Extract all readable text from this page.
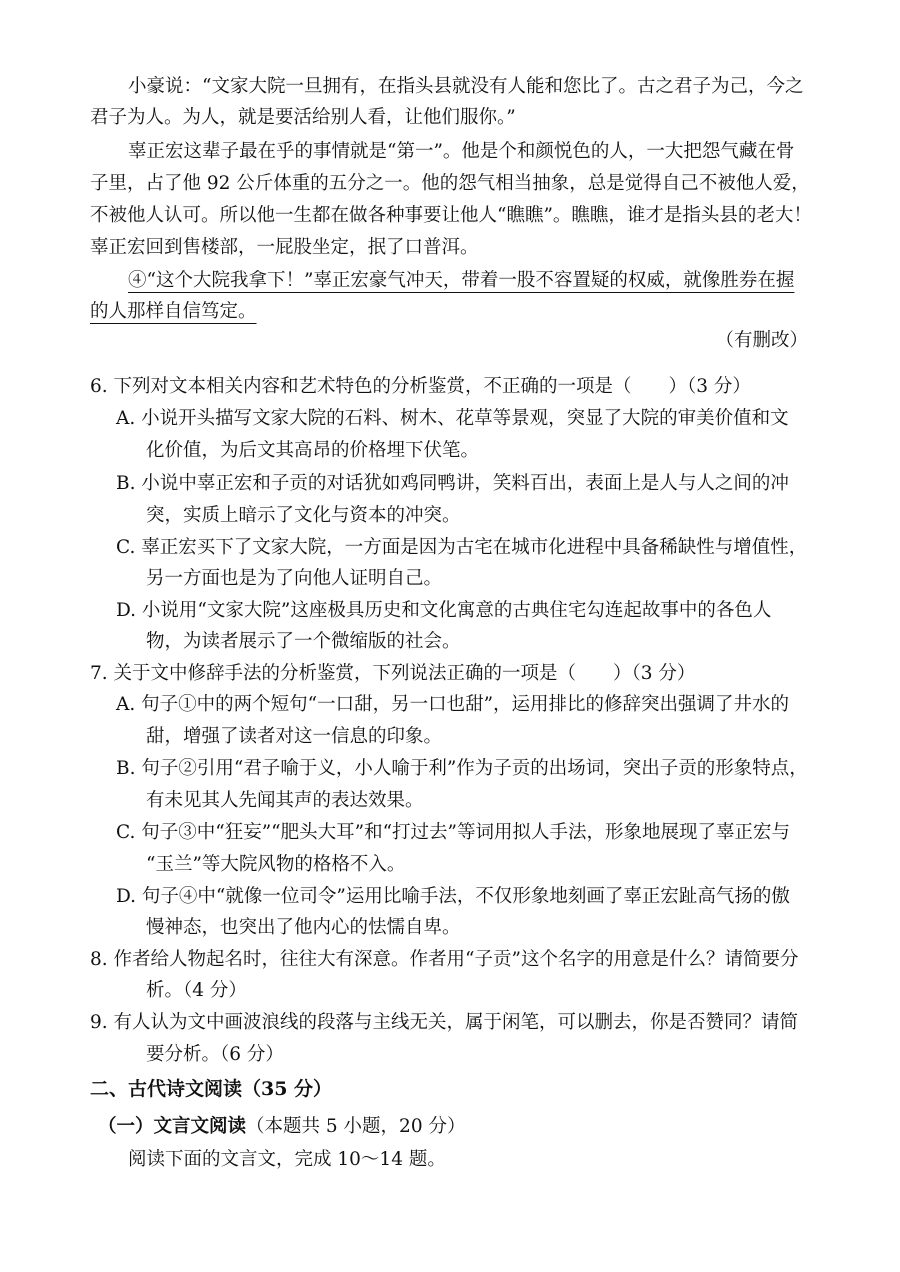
小豪说：“文家大院一旦拥有，在指头县就没有人能和您比了。古之君子为己，今之
君子为人。为人，就是要活给别人看，让他们服你。”
辜正宏这辈子最在乎的事情就是“第一”。他是个和颜悦色的人，一大把怨气藏在骨
子里，占了他 92 公斤体重的五分之一。他的怨气相当抽象，总是觉得自己不被他人爱，
不被他人认可。所以他一生都在做各种事要让他人“瞧瞧”。瞧瞧，谁才是指头县的老大！
辜正宏回到售楼部，一屁股坐定，抿了口普洱。
④“这个大院我拿下！”辜正宏豪气冲天，带着一股不容置疑的权威，就像胜券在握
的人那样自信笃定。
（有删改）
6. 下列对文本相关内容和艺术特色的分析鉴赏，不正确的一项是（　　）（3 分）
A. 小说开头描写文家大院的石料、树木、花草等景观，突显了大院的审美价值和文
化价值，为后文其高昂的价格埋下伏笔。
B. 小说中辜正宏和子贡的对话犹如鸡同鸭讲，笑料百出，表面上是人与人之间的冲
突，实质上暗示了文化与资本的冲突。
C. 辜正宏买下了文家大院，一方面是因为古宅在城市化进程中具备稀缺性与增值性，
另一方面也是为了向他人证明自己。
D. 小说用“文家大院”这座极具历史和文化寓意的古典住宅勾连起故事中的各色人
物，为读者展示了一个微缩版的社会。
7. 关于文中修辞手法的分析鉴赏，下列说法正确的一项是（　　）（3 分）
A. 句子①中的两个短句“一口甜，另一口也甜”，运用排比的修辞突出强调了井水的
甜，增强了读者对这一信息的印象。
B. 句子②引用“君子喻于义，小人喻于利”作为子贡的出场词，突出子贡的形象特点，
有未见其人先闻其声的表达效果。
C. 句子③中“狂妄”“肥头大耳”和“打过去”等词用拟人手法，形象地展现了辜正宏与
“玉兰”等大院风物的格格不入。
D. 句子④中“就像一位司令”运用比喻手法，不仅形象地刻画了辜正宏趾高气扬的傲
慢神态，也突出了他内心的怯懦自卑。
8. 作者给人物起名时，往往大有深意。作者用“子贡”这个名字的用意是什么？请简要分
析。（4 分）
9. 有人认为文中画波浪线的段落与主线无关，属于闲笔，可以删去，你是否赞同？请简
要分析。（6 分）
二、古代诗文阅读（35 分）
（一）文言文阅读（本题共 5 小题，20 分）
阅读下面的文言文，完成 10～14 题。
